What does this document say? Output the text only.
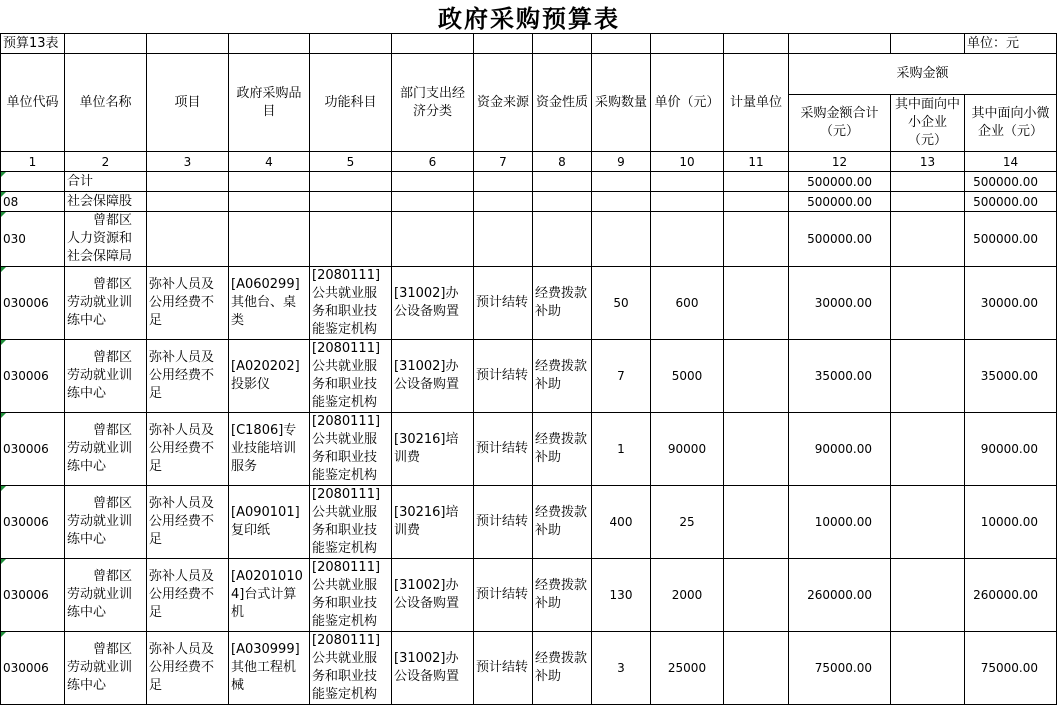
政府采购预算表
预算13表													单位：元
单位代码	单位名称	项目	政府采购品目	功能科目	部门支出经济分类	资金来源	资金性质	采购数量	单价（元）	计量单位	采购金额		
											采购金额合计（元）	其中面向中小企业（元）	其中面向小微企业（元）
1	2	3	4	5	6	7	8	9	10	11	12	13	14
	合计										500000.00		500000.00
08	社会保障股										500000.00		500000.00
030	曾都区人力资源和社会保障局										500000.00		500000.00
030006	曾都区劳动就业训练中心	弥补人员及公用经费不足	[A060299]其他台、桌类	[2080111]公共就业服务和职业技能鉴定机构	[31002]办公设备购置	预计结转	经费拨款补助	50	600		30000.00		30000.00
030006	曾都区劳动就业训练中心	弥补人员及公用经费不足	[A020202]投影仪	[2080111]公共就业服务和职业技能鉴定机构	[31002]办公设备购置	预计结转	经费拨款补助	7	5000		35000.00		35000.00
030006	曾都区劳动就业训练中心	弥补人员及公用经费不足	[C1806]专业技能培训服务	[2080111]公共就业服务和职业技能鉴定机构	[30216]培训费	预计结转	经费拨款补助	1	90000		90000.00		90000.00
030006	曾都区劳动就业训练中心	弥补人员及公用经费不足	[A090101]复印纸	[2080111]公共就业服务和职业技能鉴定机构	[30216]培训费	预计结转	经费拨款补助	400	25		10000.00		10000.00
030006	曾都区劳动就业训练中心	弥补人员及公用经费不足	[A02010104]台式计算机	[2080111]公共就业服务和职业技能鉴定机构	[31002]办公设备购置	预计结转	经费拨款补助	130	2000		260000.00		260000.00
030006	曾都区劳动就业训练中心	弥补人员及公用经费不足	[A030999]其他工程机械	[2080111]公共就业服务和职业技能鉴定机构	[31002]办公设备购置	预计结转	经费拨款补助	3	25000		75000.00		75000.00
